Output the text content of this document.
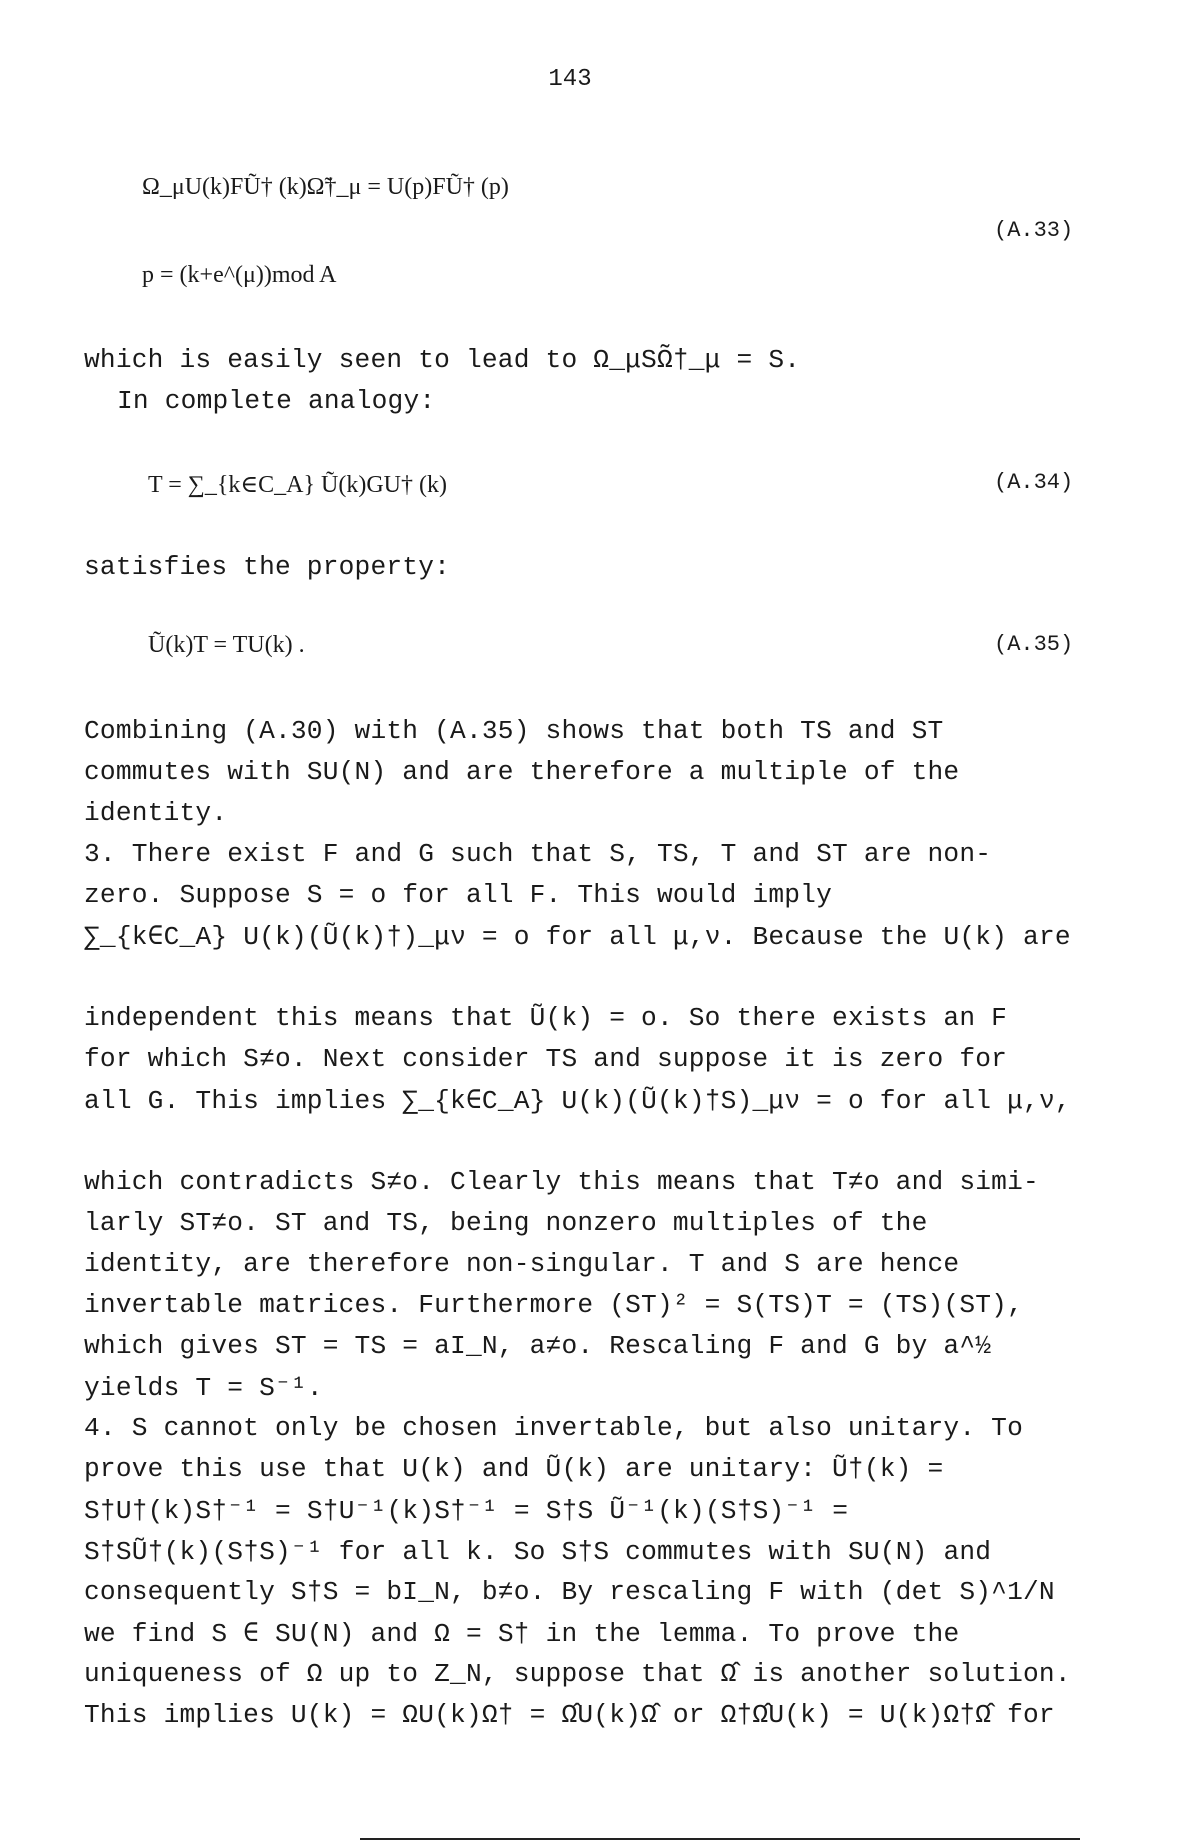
143
Ω_μU(k)FŨ† (k)Ω̃†_μ = U(p)FŨ† (p)
p = (k+e^(μ))mod A
(A.33)
which is easily seen to lead to Ω_μSΩ̃†_μ = S.
In complete analogy:
T = ∑_{k∈C_A} Ũ(k)GU† (k)	(A.34)
satisfies the property:
Ũ(k)T = TU(k) .	(A.35)
Combining (A.30) with (A.35) shows that both TS and ST
commutes with SU(N) and are therefore a multiple of the
identity.
3. There exist F and G such that S, TS, T and ST are non-
zero. Suppose S = o for all F. This would imply
∑_{k∈C_A} U(k)(Ũ(k)†)_μν = o for all μ,ν. Because the U(k) are
independent this means that Ũ(k) = o. So there exists an F
for which S≠o. Next consider TS and suppose it is zero for
all G. This implies ∑_{k∈C_A} U(k)(Ũ(k)†S)_μν = o for all μ,ν,
which contradicts S≠o. Clearly this means that T≠o and simi-
larly ST≠o. ST and TS, being nonzero multiples of the
identity, are therefore non-singular. T and S are hence
invertable matrices. Furthermore (ST)² = S(TS)T = (TS)(ST),
which gives ST = TS = aI_N, a≠o. Rescaling F and G by a^½
yields T = S⁻¹.
4. S cannot only be chosen invertable, but also unitary. To
prove this use that U(k) and Ũ(k) are unitary: Ũ†(k) =
S†U†(k)S†⁻¹ = S†U⁻¹(k)S†⁻¹ = S†S Ũ⁻¹(k)(S†S)⁻¹ =
S†SŨ†(k)(S†S)⁻¹ for all k. So S†S commutes with SU(N) and
consequently S†S = bI_N, b≠o. By rescaling F with (det S)^1/N
we find S ∈ SU(N) and Ω = S† in the lemma. To prove the
uniqueness of Ω up to Z_N, suppose that Ω̂ is another solution.
This implies U(k) = ΩU(k)Ω† = Ω̂U(k)Ω̂ or Ω†Ω̂U(k) = U(k)Ω†Ω̂ for
